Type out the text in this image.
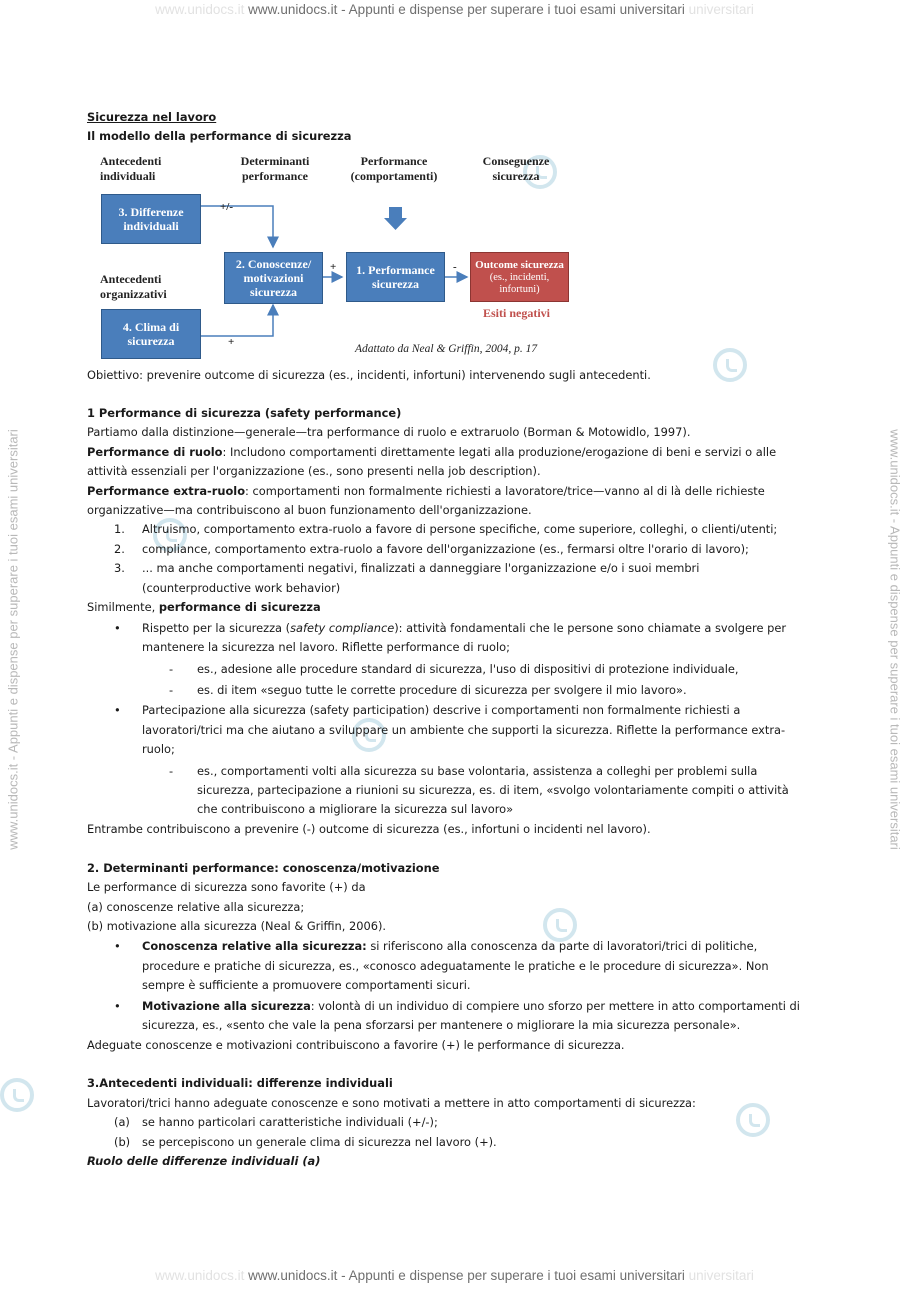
www.unidocs.it www.unidocs.it - Appunti e dispense per superare i tuoi esami universitari universitari
www.unidocs.it - Appunti e dispense per superare i tuoi esami universitari	www.unidocs.it - Appunti e dispense per superare i tuoi esami universitari
Sicurezza nel lavoro
Il modello della performance di sicurezza
Antecedenti individuali
Determinanti performance
Performance (comportamenti)
Conseguenze sicurezza
Antecedenti organizzativi
3. Differenze individuali
2. Conoscenze/ motivazioni sicurezza
1. Performance sicurezza
4. Clima di sicurezza
Outcome sicurezza
(es., incidenti, infortuni)
+/-
+	-
+
Esiti negativi
Adattato da Neal & Griffin, 2004, p. 17
Obiettivo: prevenire outcome di sicurezza (es., incidenti, infortuni) intervenendo sugli antecedenti.
1 Performance di sicurezza (safety performance)
Partiamo dalla distinzione—generale—tra performance di ruolo e extraruolo (Borman & Motowidlo, 1997).
Performance di ruolo: Includono comportamenti direttamente legati alla produzione/erogazione di beni e servizi o alle
attività essenziali per l'organizzazione (es., sono presenti nella job description).
Performance extra-ruolo: comportamenti non formalmente richiesti a lavoratore/trice—vanno al di là delle richieste
organizzative—ma contribuiscono al buon funzionamento dell'organizzazione.
1. Altruismo, comportamento extra-ruolo a favore di persone specifiche, come superiore, colleghi, o clienti/utenti;
2. compliance, comportamento extra-ruolo a favore dell'organizzazione (es., fermarsi oltre l'orario di lavoro);
3. ... ma anche comportamenti negativi, finalizzati a danneggiare l'organizzazione e/o i suoi membri
(counterproductive work behavior)
Similmente, performance di sicurezza
• Rispetto per la sicurezza (safety compliance): attività fondamentali che le persone sono chiamate a svolgere per
mantenere la sicurezza nel lavoro. Riflette performance di ruolo;
- es., adesione alle procedure standard di sicurezza, l'uso di dispositivi di protezione individuale,
- es. di item «seguo tutte le corrette procedure di sicurezza per svolgere il mio lavoro».
• Partecipazione alla sicurezza (safety participation) descrive i comportamenti non formalmente richiesti a
lavoratori/trici ma che aiutano a sviluppare un ambiente che supporti la sicurezza. Riflette la performance extra-
ruolo;
- es., comportamenti volti alla sicurezza su base volontaria, assistenza a colleghi per problemi sulla
sicurezza, partecipazione a riunioni su sicurezza, es. di item, «svolgo volontariamente compiti o attività
che contribuiscono a migliorare la sicurezza sul lavoro»
Entrambe contribuiscono a prevenire (-) outcome di sicurezza (es., infortuni o incidenti nel lavoro).
2. Determinanti performance: conoscenza/motivazione
Le performance di sicurezza sono favorite (+) da
(a) conoscenze relative alla sicurezza;
(b) motivazione alla sicurezza (Neal & Griffin, 2006).
• Conoscenza relative alla sicurezza: si riferiscono alla conoscenza da parte di lavoratori/trici di politiche,
procedure e pratiche di sicurezza, es., «conosco adeguatamente le pratiche e le procedure di sicurezza». Non
sempre è sufficiente a promuovere comportamenti sicuri.
• Motivazione alla sicurezza: volontà di un individuo di compiere uno sforzo per mettere in atto comportamenti di
sicurezza, es., «sento che vale la pena sforzarsi per mantenere o migliorare la mia sicurezza personale».
Adeguate conoscenze e motivazioni contribuiscono a favorire (+) le performance di sicurezza.
3.Antecedenti individuali: differenze individuali
Lavoratori/trici hanno adeguate conoscenze e sono motivati a mettere in atto comportamenti di sicurezza:
(a) se hanno particolari caratteristiche individuali (+/-);
(b) se percepiscono un generale clima di sicurezza nel lavoro (+).
Ruolo delle differenze individuali (a)
www.unidocs.it www.unidocs.it - Appunti e dispense per superare i tuoi esami universitari universitari
